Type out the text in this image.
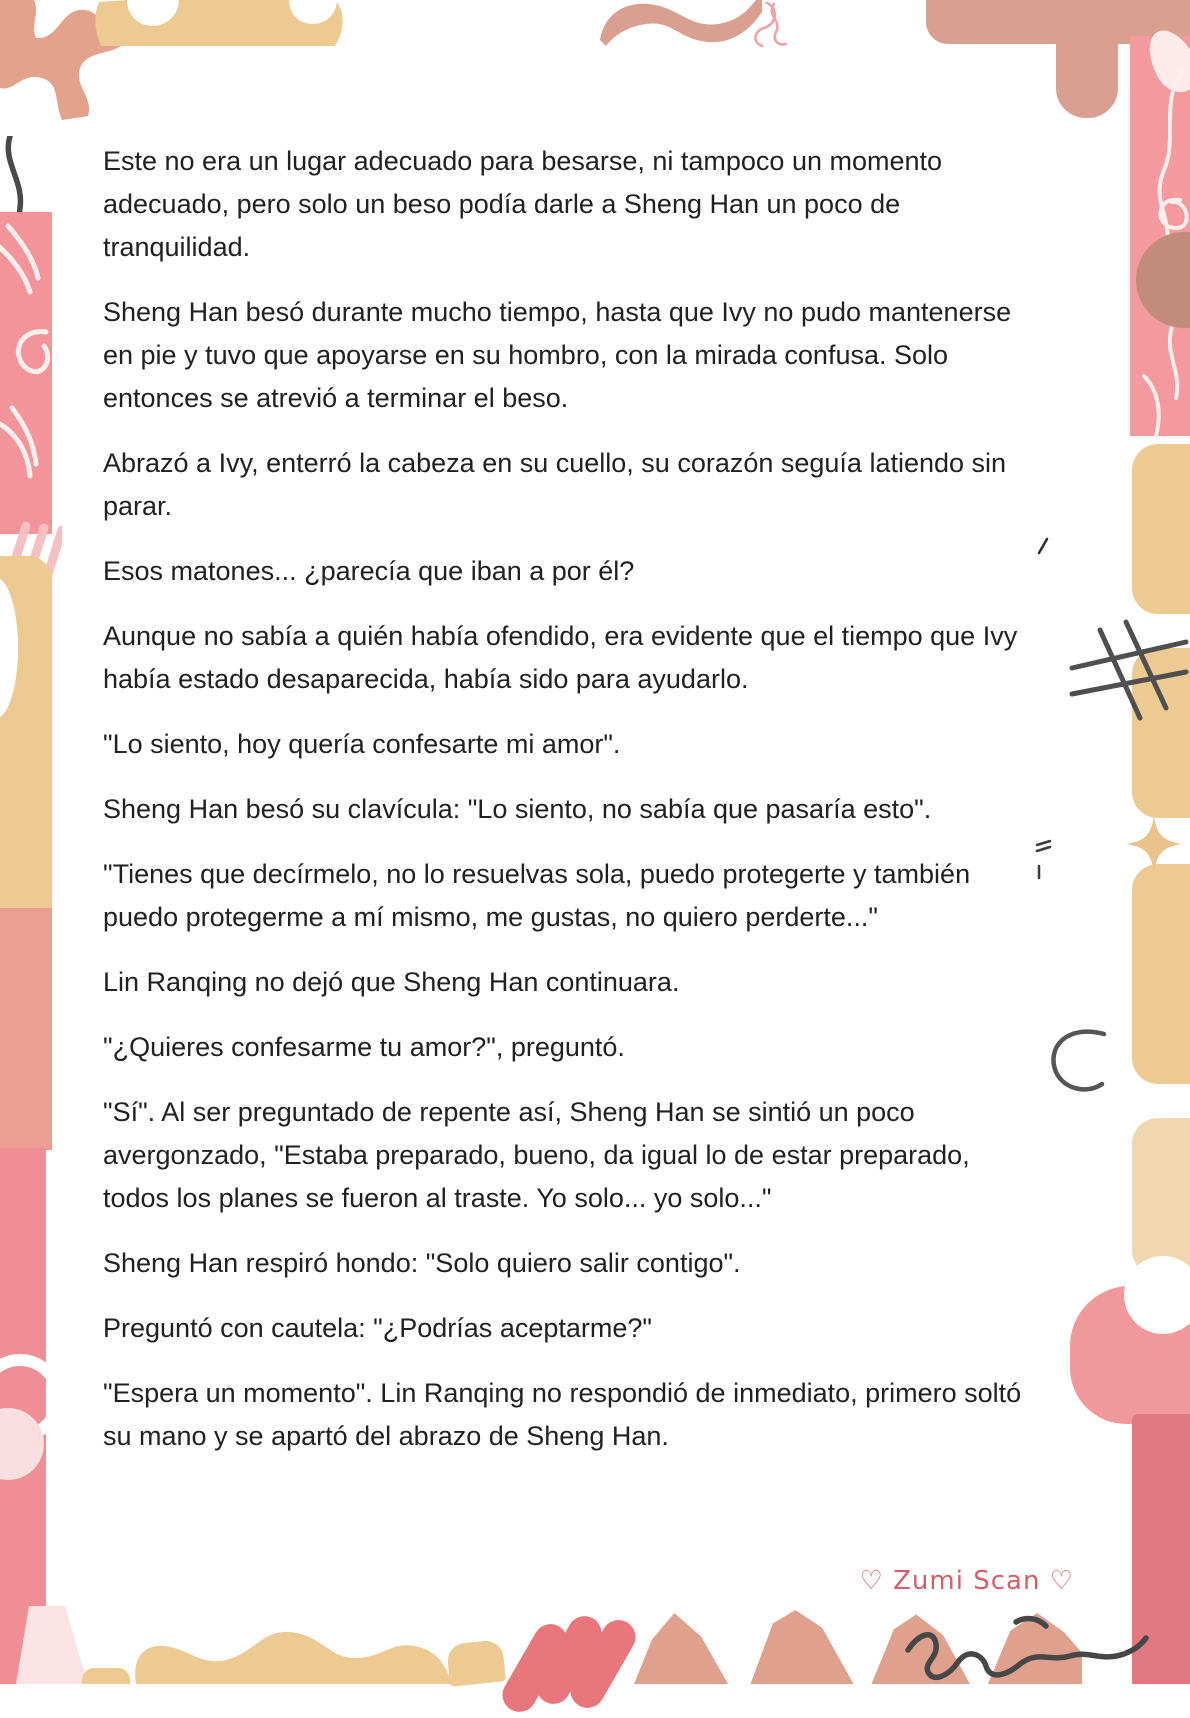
Este no era un lugar adecuado para besarse, ni tampoco un momento adecuado, pero solo un beso podía darle a Sheng Han un poco de tranquilidad.

Sheng Han besó durante mucho tiempo, hasta que Ivy no pudo mantenerse en pie y tuvo que apoyarse en su hombro, con la mirada confusa. Solo entonces se atrevió a terminar el beso.

Abrazó a Ivy, enterró la cabeza en su cuello, su corazón seguía latiendo sin parar.

Esos matones... ¿parecía que iban a por él?

Aunque no sabía a quién había ofendido, era evidente que el tiempo que Ivy había estado desaparecida, había sido para ayudarlo.

"Lo siento, hoy quería confesarte mi amor".

Sheng Han besó su clavícula: "Lo siento, no sabía que pasaría esto".

"Tienes que decírmelo, no lo resuelvas sola, puedo protegerte y también puedo protegerme a mí mismo, me gustas, no quiero perderte..."

Lin Ranqing no dejó que Sheng Han continuara.

"¿Quieres confesarme tu amor?", preguntó.

"Sí". Al ser preguntado de repente así, Sheng Han se sintió un poco avergonzado, "Estaba preparado, bueno, da igual lo de estar preparado, todos los planes se fueron al traste. Yo solo... yo solo..."

Sheng Han respiró hondo: "Solo quiero salir contigo".

Preguntó con cautela: "¿Podrías aceptarme?"

"Espera un momento". Lin Ranqing no respondió de inmediato, primero soltó su mano y se apartó del abrazo de Sheng Han.

♡ Zumi Scan ♡
